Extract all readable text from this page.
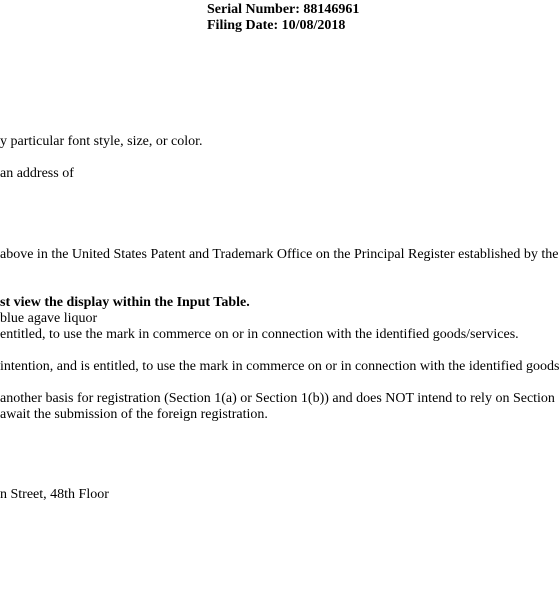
Serial Number: 88146961
Filing Date: 10/08/2018
y particular font style, size, or color.
an address of
above in the United States Patent and Trademark Office on the Principal Register established by the
st view the display within the Input Table.
blue agave liquor
entitled, to use the mark in commerce on or in connection with the identified goods/services.
intention, and is entitled, to use the mark in commerce on or in connection with the identified goods
another basis for registration (Section 1(a) or Section 1(b)) and does NOT intend to rely on Section
await the submission of the foreign registration.
n Street, 48th Floor
